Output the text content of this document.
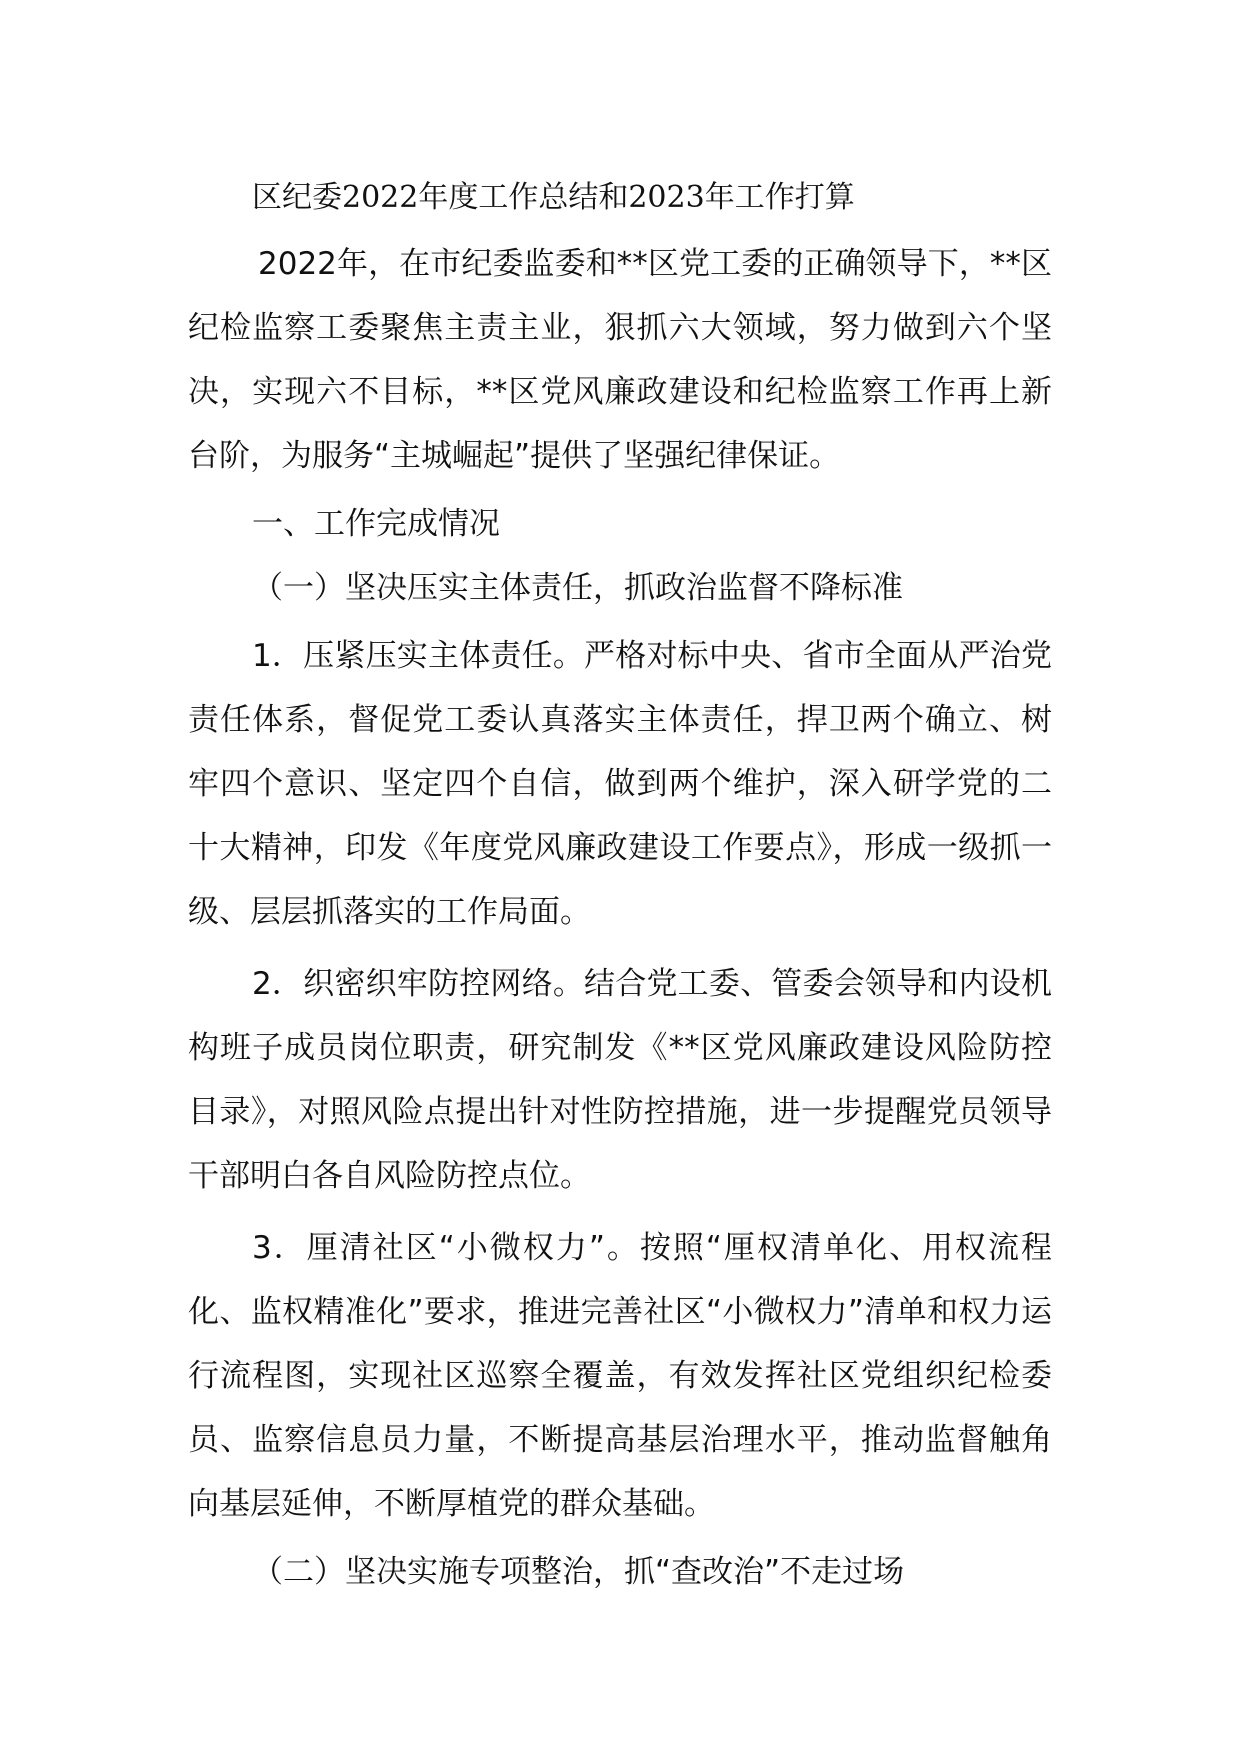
区纪委2022年度工作总结和2023年工作打算

2022年，在市纪委监委和**区党工委的正确领导下，**区纪检监察工委聚焦主责主业，狠抓六大领域，努力做到六个坚决，实现六不目标，**区党风廉政建设和纪检监察工作再上新台阶，为服务“主城崛起”提供了坚强纪律保证。

一、工作完成情况
（一）坚决压实主体责任，抓政治监督不降标准

1．压紧压实主体责任。严格对标中央、省市全面从严治党责任体系，督促党工委认真落实主体责任，捍卫两个确立、树牢四个意识、坚定四个自信，做到两个维护，深入研学党的二十大精神，印发《年度党风廉政建设工作要点》，形成一级抓一级、层层抓落实的工作局面。

2．织密织牢防控网络。结合党工委、管委会领导和内设机构班子成员岗位职责，研究制发《**区党风廉政建设风险防控目录》，对照风险点提出针对性防控措施，进一步提醒党员领导干部明白各自风险防控点位。

3．厘清社区“小微权力”。按照“厘权清单化、用权流程化、监权精准化”要求，推进完善社区“小微权力”清单和权力运行流程图，实现社区巡察全覆盖，有效发挥社区党组织纪检委员、监察信息员力量，不断提高基层治理水平，推动监督触角向基层延伸，不断厚植党的群众基础。

（二）坚决实施专项整治，抓“查改治”不走过场
